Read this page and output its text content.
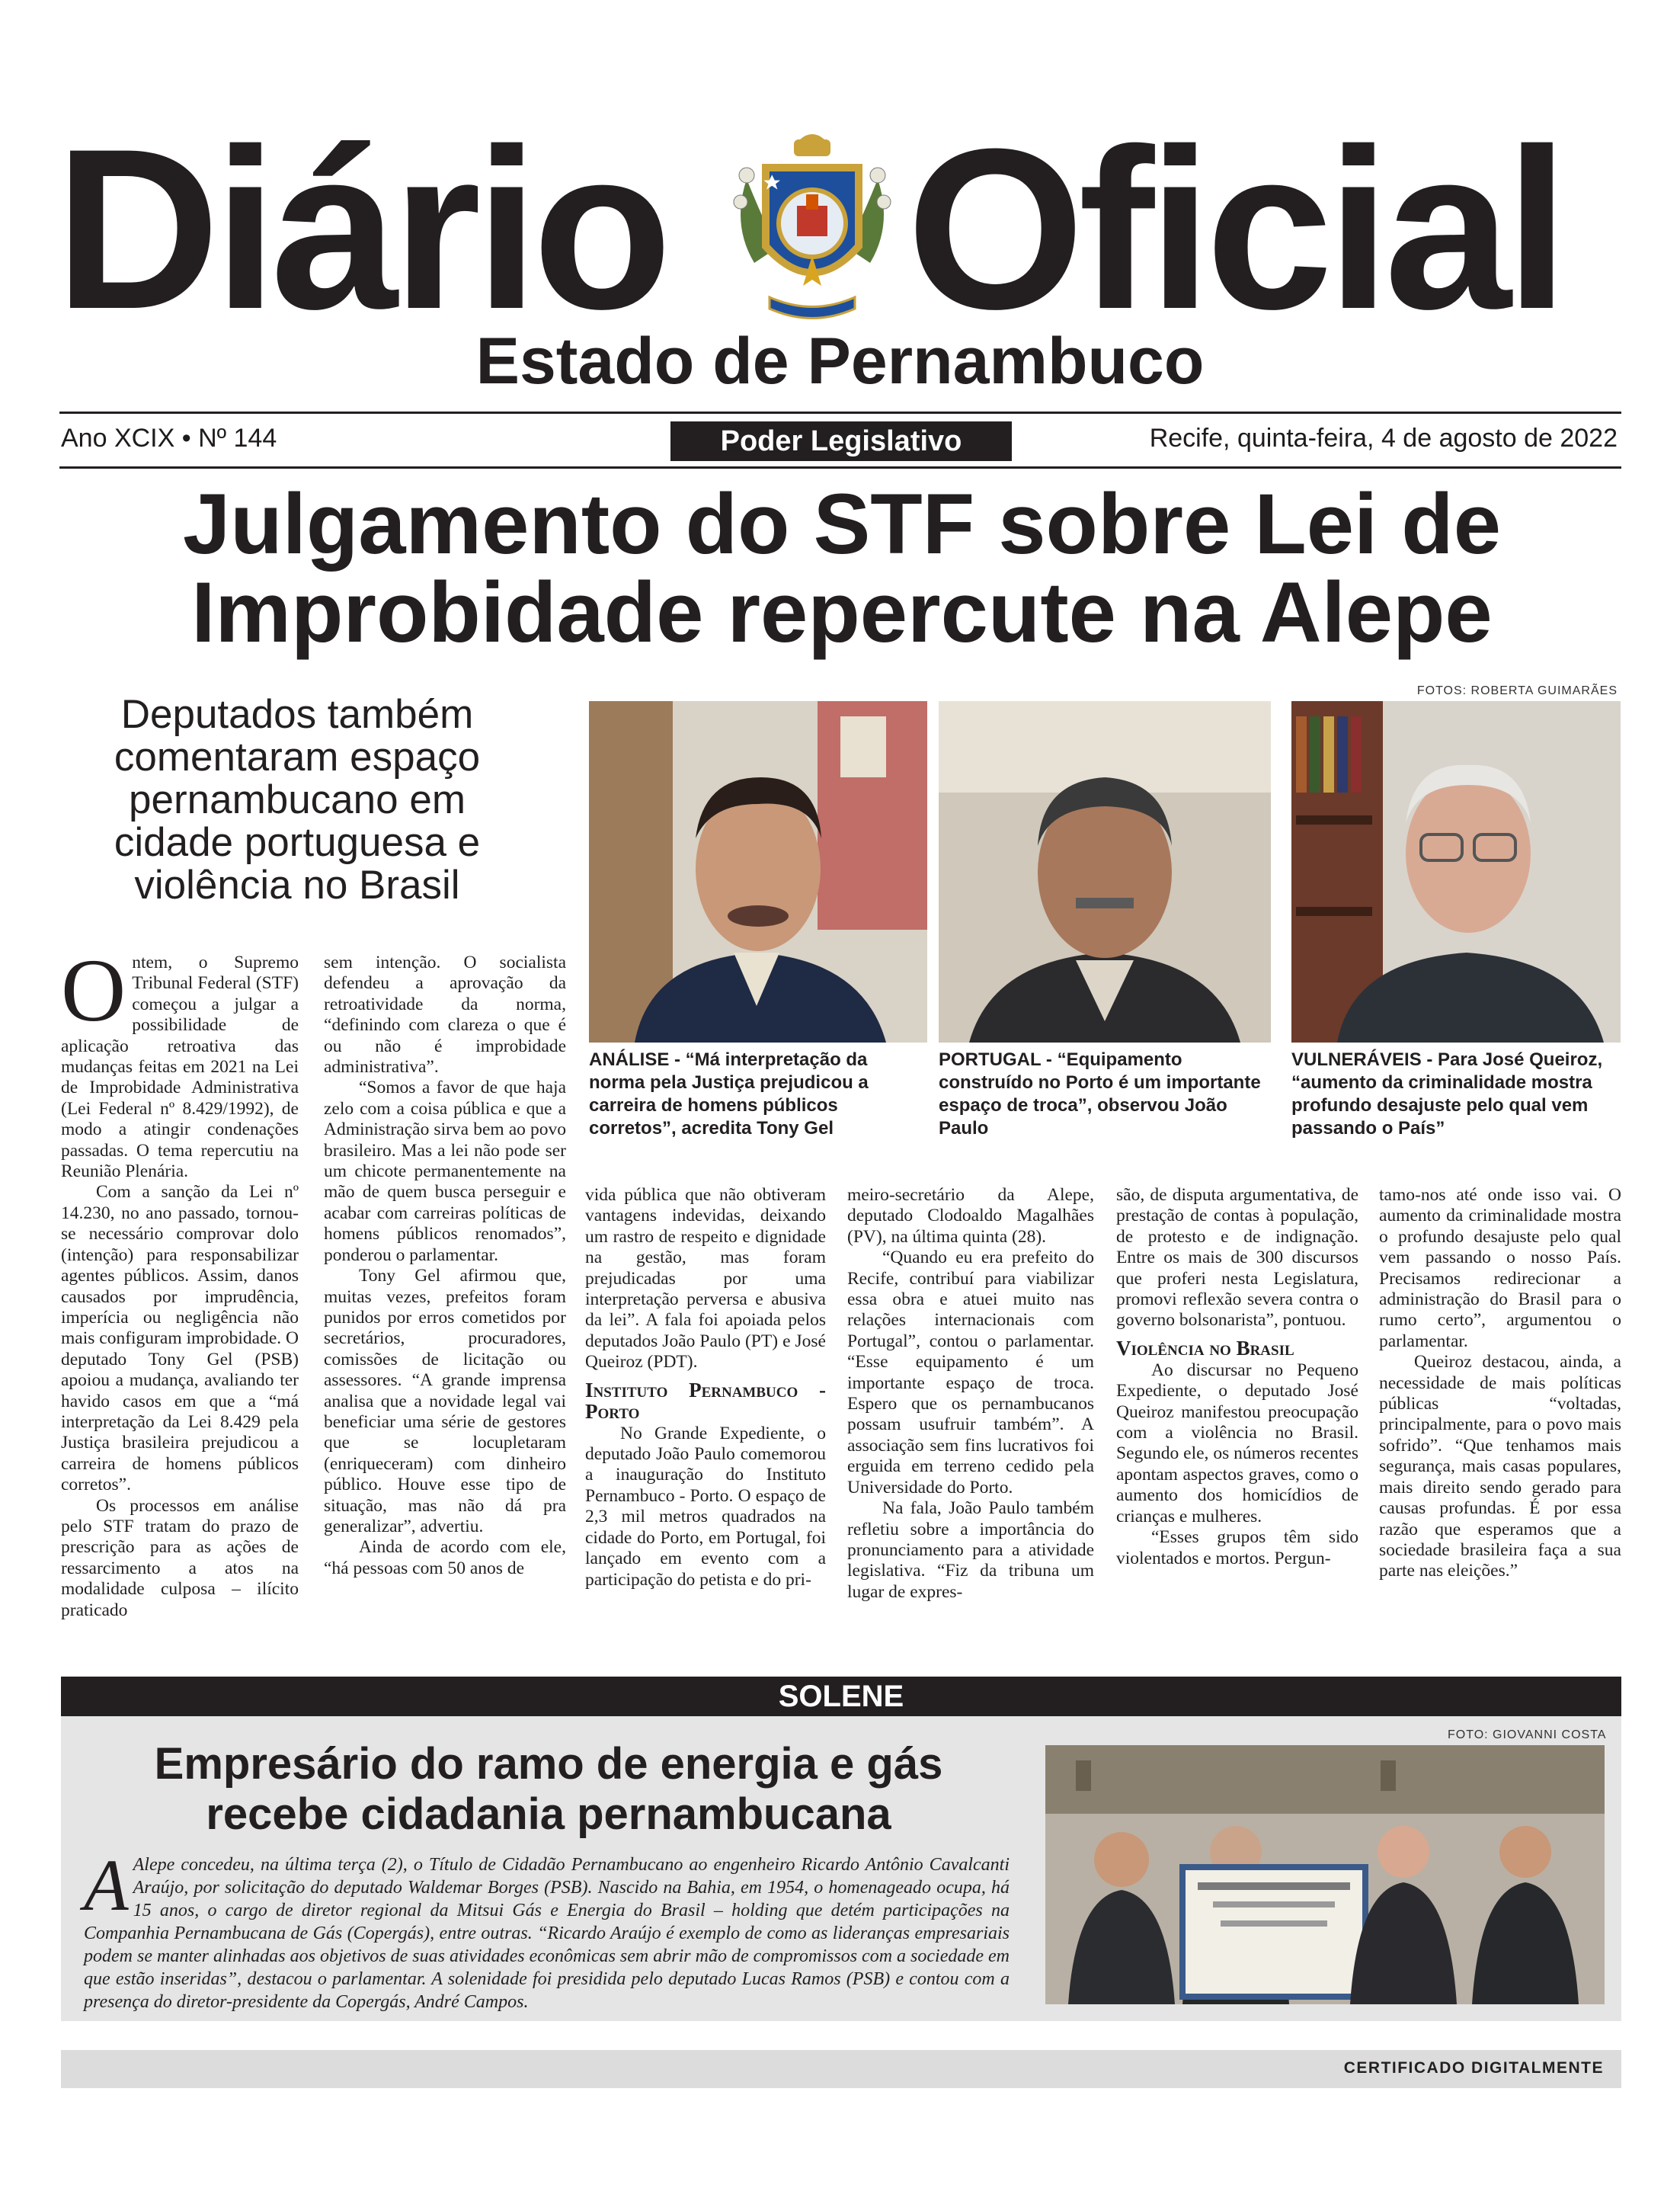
Diário Oficial
Estado de Pernambuco
Ano XCIX • Nº 144	Poder Legislativo	Recife, quinta-feira, 4 de agosto de 2022
Julgamento do STF sobre Lei de Improbidade repercute na Alepe
Deputados também comentaram espaço pernambucano em cidade portuguesa e violência no Brasil
FOTOS: ROBERTA GUIMARÃES
ANÁLISE - “Má interpretação da norma pela Justiça prejudicou a carreira de homens públicos corretos”, acredita Tony Gel
PORTUGAL - “Equipamento construído no Porto é um importante espaço de troca”, observou João Paulo
VULNERÁVEIS - Para José Queiroz, “aumento da criminalidade mostra profundo desajuste pelo qual vem passando o País”
O ntem, o Supremo Tribunal Federal (STF) começou a julgar a possibilidade de aplicação retroativa das mudanças feitas em 2021 na Lei de Improbidade Administrativa (Lei Federal nº 8.429/1992), de modo a atingir condenações passadas. O tema repercutiu na Reunião Plenária.

Com a sanção da Lei nº 14.230, no ano passado, tornou-se necessário comprovar dolo (intenção) para responsabilizar agentes públicos. Assim, danos causados por imprudência, imperícia ou negligência não mais configuram improbidade. O deputado Tony Gel (PSB) apoiou a mudança, avaliando ter havido casos em que a “má interpretação da Lei 8.429 pela Justiça brasileira prejudicou a carreira de homens públicos corretos”.

Os processos em análise pelo STF tratam do prazo de prescrição para as ações de ressarcimento a atos na modalidade culposa – ilícito praticado

sem intenção. O socialista defendeu a aprovação da retroatividade da norma, “definindo com clareza o que é ou não é improbidade administrativa”.

“Somos a favor de que haja zelo com a coisa pública e que a Administração sirva bem ao povo brasileiro. Mas a lei não pode ser um chicote permanentemente na mão de quem busca perseguir e acabar com carreiras políticas de homens públicos renomados”, ponderou o parlamentar.

Tony Gel afirmou que, muitas vezes, prefeitos foram punidos por erros cometidos por secretários, procuradores, comissões de licitação ou assessores. “A grande imprensa analisa que a novidade legal vai beneficiar uma série de gestores que se locupletaram (enriqueceram) com dinheiro público. Houve esse tipo de situação, mas não dá pra generalizar”, advertiu.

Ainda de acordo com ele, “há pessoas com 50 anos de

vida pública que não obtiveram vantagens indevidas, deixando um rastro de respeito e dignidade na gestão, mas foram prejudicadas por uma interpretação perversa e abusiva da lei”. A fala foi apoiada pelos deputados João Paulo (PT) e José Queiroz (PDT).

Instituto Pernambuco - Porto

No Grande Expediente, o deputado João Paulo comemorou a inauguração do Instituto Pernambuco - Porto. O espaço de 2,3 mil metros quadrados na cidade do Porto, em Portugal, foi lançado em evento com a participação do petista e do pri-

meiro-secretário da Alepe, deputado Clodoaldo Magalhães (PV), na última quinta (28).

“Quando eu era prefeito do Recife, contribuí para viabilizar essa obra e atuei muito nas relações internacionais com Portugal”, contou o parlamentar. “Esse equipamento é um importante espaço de troca. Espero que os pernambucanos possam usufruir também”. A associação sem fins lucrativos foi erguida em terreno cedido pela Universidade do Porto.

Na fala, João Paulo também refletiu sobre a importância do pronunciamento para a atividade legislativa. “Fiz da tribuna um lugar de expres-

são, de disputa argumentativa, de prestação de contas à população, de protesto e de indignação. Entre os mais de 300 discursos que proferi nesta Legislatura, promovi reflexão severa contra o governo bolsonarista”, pontuou.

Violência no Brasil

Ao discursar no Pequeno Expediente, o deputado José Queiroz manifestou preocupação com a violência no Brasil. Segundo ele, os números recentes apontam aspectos graves, como o aumento dos homicídios de crianças e mulheres.

“Esses grupos têm sido violentados e mortos. Pergun-

tamo-nos até onde isso vai. O aumento da criminalidade mostra o profundo desajuste pelo qual vem passando o nosso País. Precisamos redirecionar a administração do Brasil para o rumo certo”, argumentou o parlamentar.

Queiroz destacou, ainda, a necessidade de mais políticas públicas “voltadas, principalmente, para o povo mais sofrido”. “Que tenhamos mais segurança, mais casas populares, mais direito sendo gerado para causas profundas. É por essa razão que esperamos que a sociedade brasileira faça a sua parte nas eleições.”

SOLENE
Empresário do ramo de energia e gás recebe cidadania pernambucana
FOTO: GIOVANNI COSTA
A Alepe concedeu, na última terça (2), o Título de Cidadão Pernambucano ao engenheiro Ricardo Antônio Cavalcanti Araújo, por solicitação do deputado Waldemar Borges (PSB). Nascido na Bahia, em 1954, o homenageado ocupa, há 15 anos, o cargo de diretor regional da Mitsui Gás e Energia do Brasil – holding que detém participações na Companhia Pernambucana de Gás (Copergás), entre outras. “Ricardo Araújo é exemplo de como as lideranças empresariais podem se manter alinhadas aos objetivos de suas atividades econômicas sem abrir mão de compromissos com a sociedade em que estão inseridas”, destacou o parlamentar. A solenidade foi presidida pelo deputado Lucas Ramos (PSB) e contou com a presença do diretor-presidente da Copergás, André Campos.
CERTIFICADO DIGITALMENTE
